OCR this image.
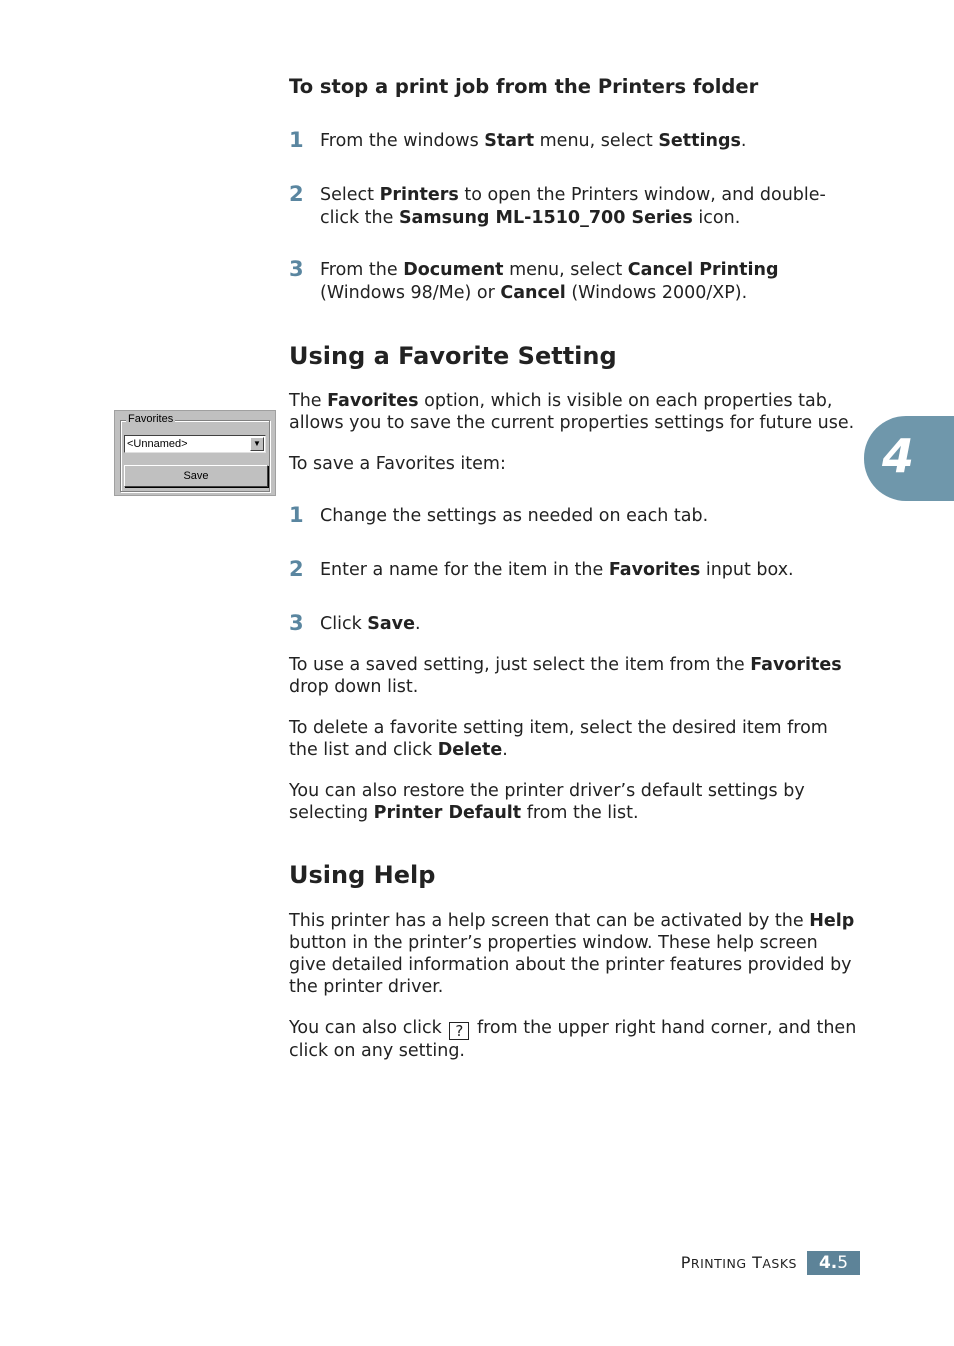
To stop a print job from the Printers folder
1 From the windows Start menu, select Settings.
2 Select Printers to open the Printers window, and double-click the Samsung ML-1510_700 Series icon.
3 From the Document menu, select Cancel Printing (Windows 98/Me) or Cancel (Windows 2000/XP).
Using a Favorite Setting
The Favorites option, which is visible on each properties tab, allows you to save the current properties settings for future use.
To save a Favorites item:
1 Change the settings as needed on each tab.
2 Enter a name for the item in the Favorites input box.
3 Click Save.
To use a saved setting, just select the item from the Favorites drop down list.
To delete a favorite setting item, select the desired item from the list and click Delete.
You can also restore the printer driver’s default settings by selecting Printer Default from the list.
Favorites
<Unnamed>	▼
Save
Using Help
This printer has a help screen that can be activated by the Help button in the printer’s properties window. These help screen give detailed information about the printer features provided by the printer driver.
You can also click ? from the upper right hand corner, and then click on any setting.
4
PRINTING TASKS	4.5
